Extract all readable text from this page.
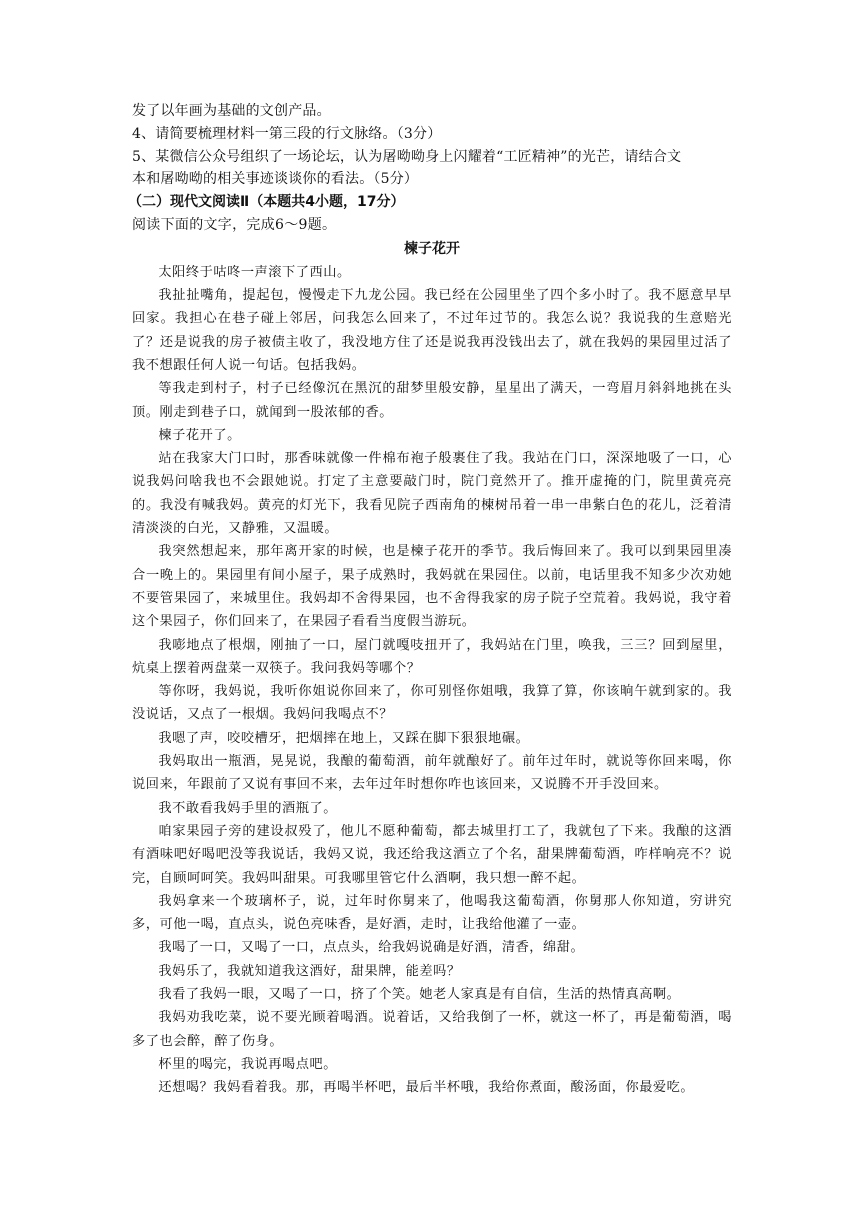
发了以年画为基础的文创产品。
4、请简要梳理材料一第三段的行文脉络。（3分）
5、某微信公众号组织了一场论坛，认为屠呦呦身上闪耀着“工匠精神”的光芒，请结合文
本和屠呦呦的相关事迹谈谈你的看法。（5分）
（二）现代文阅读Ⅱ（本题共4小题，17分）
阅读下面的文字，完成6～9题。
楝子花开

太阳终于咕咚一声滚下了西山。

我扯扯嘴角，提起包，慢慢走下九龙公园。我已经在公园里坐了四个多小时了。我不愿意早早回家。我担心在巷子碰上邻居，问我怎么回来了，不过年过节的。我怎么说？我说我的生意赔光了？还是说我的房子被债主收了，我没地方住了还是说我再没钱出去了，就在我妈的果园里过活了我不想跟任何人说一句话。包括我妈。

等我走到村子，村子已经像沉在黑沉的甜梦里般安静，星星出了满天，一弯眉月斜斜地挑在头顶。刚走到巷子口，就闻到一股浓郁的香。

楝子花开了。

站在我家大门口时，那香味就像一件棉布袍子般裹住了我。我站在门口，深深地吸了一口，心说我妈问啥我也不会跟她说。打定了主意要敲门时，院门竟然开了。推开虚掩的门，院里黄亮亮的。我没有喊我妈。黄亮的灯光下，我看见院子西南角的楝树吊着一串一串紫白色的花儿，泛着清清淡淡的白光，又静雅，又温暖。

我突然想起来，那年离开家的时候，也是楝子花开的季节。我后悔回来了。我可以到果园里凑合一晚上的。果园里有间小屋子，果子成熟时，我妈就在果园住。以前，电话里我不知多少次劝她不要管果园了，来城里住。我妈却不舍得果园，也不舍得我家的房子院子空荒着。我妈说，我守着这个果园子，你们回来了，在果园子看看当度假当游玩。

我嘭地点了根烟，刚抽了一口，屋门就嘎吱扭开了，我妈站在门里，唤我，三三？回到屋里，炕桌上摆着两盘菜一双筷子。我问我妈等哪个？

等你呀，我妈说，我听你姐说你回来了，你可别怪你姐哦，我算了算，你该晌午就到家的。我没说话，又点了一根烟。我妈问我喝点不？

我嗯了声，咬咬槽牙，把烟摔在地上，又踩在脚下狠狠地碾。

我妈取出一瓶酒，晃晃说，我酿的葡萄酒，前年就酿好了。前年过年时，就说等你回来喝，你说回来，年跟前了又说有事回不来，去年过年时想你咋也该回来，又说腾不开手没回来。

我不敢看我妈手里的酒瓶了。

咱家果园子旁的建设叔殁了，他儿不愿种葡萄，都去城里打工了，我就包了下来。我酿的这酒有酒味吧好喝吧没等我说话，我妈又说，我还给我这酒立了个名，甜果牌葡萄酒，咋样响亮不？说完，自顾呵呵笑。我妈叫甜果。可我哪里管它什么酒啊，我只想一醉不起。

我妈拿来一个玻璃杯子，说，过年时你舅来了，他喝我这葡萄酒，你舅那人你知道，穷讲究多，可他一喝，直点头，说色亮味香，是好酒，走时，让我给他灌了一壶。

我喝了一口，又喝了一口，点点头，给我妈说确是好酒，清香，绵甜。

我妈乐了，我就知道我这酒好，甜果牌，能差吗？

我看了我妈一眼，又喝了一口，挤了个笑。她老人家真是有自信，生活的热情真高啊。

我妈劝我吃菜，说不要光顾着喝酒。说着话，又给我倒了一杯，就这一杯了，再是葡萄酒，喝多了也会醉，醉了伤身。

杯里的喝完，我说再喝点吧。

还想喝？我妈看着我。那，再喝半杯吧，最后半杯哦，我给你煮面，酸汤面，你最爱吃。
